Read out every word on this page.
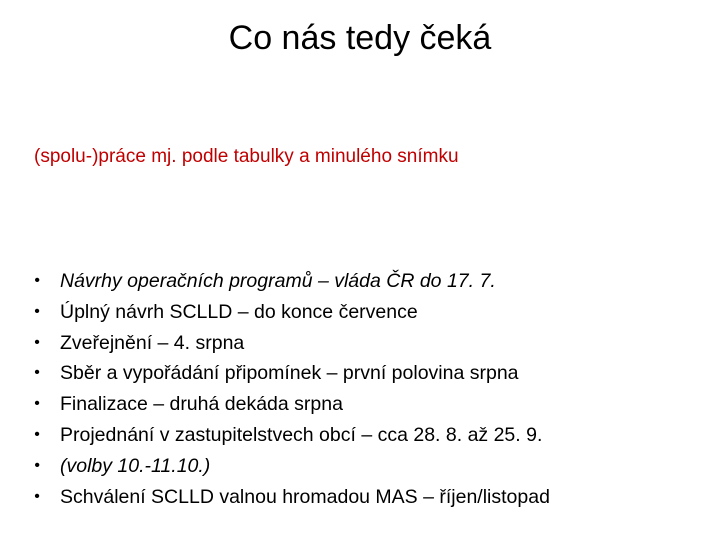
Co nás tedy čeká
(spolu-)práce mj. podle tabulky a minulého snímku
• Návrhy operačních programů – vláda ČR do 17. 7.
• Úplný návrh SCLLD – do konce července
• Zveřejnění – 4. srpna
• Sběr a vypořádání připomínek – první polovina srpna
• Finalizace – druhá dekáda srpna
• Projednání v zastupitelstvech obcí – cca 28. 8. až 25. 9.
• (volby 10.-11.10.)
• Schválení SCLLD valnou hromadou MAS – říjen/listopad
